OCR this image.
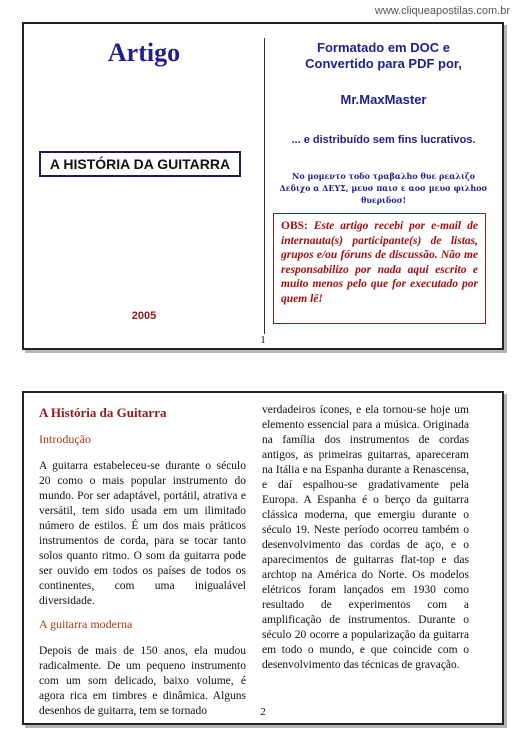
www.cliqueapostilas.com.br
Artigo
A HISTÓRIA DA GUITARRA
2005
Formatado em DOC e
Convertido para PDF por,
Mr.MaxMaster
... e distribuído sem fins lucrativos.
Νο μομεντο τοδο τραβαλhο θυε ρεαλιζο
Δεδιχο α ΔΕΥΣ, μευσ παισ ε αοσ μευσ φιλhοσ θυεριδοσ!
OBS: Este artigo recebi por e-mail de internauta(s) participante(s) de listas, grupos e/ou fóruns de discussão. Não me responsabilizo por nada aqui escrito e muito menos pelo que for executado por quem lê!
1
A História da Guitarra
Introdução

A guitarra estabeleceu-se durante o século 20 como o mais popular instrumento do mundo. Por ser adaptável, portátil, atrativa e versátil, tem sido usada em um ilimitado número de estilos. É um dos mais práticos instrumentos de corda, para se tocar tanto solos quanto ritmo. O som da guitarra pode ser ouvido em todos os países de todos os continentes, com uma inigualável diversidade.

A guitarra moderna

Depois de mais de 150 anos, ela mudou radicalmente. De um pequeno instrumento com um som delicado, baixo volume, é agora rica em timbres e dinâmica. Alguns desenhos de guitarra, tem se tornado

verdadeiros ícones, e ela tornou-se hoje um elemento essencial para a música. Originada na família dos instrumentos de cordas antigos, as primeiras guitarras, apareceram na Itália e na Espanha durante a Renascensa, e daí espalhou-se gradativamente pela Europa. A Espanha é o berço da guitarra clássica moderna, que emergiu durante o século 19. Neste período ocorreu também o desenvolvimento das cordas de aço, e o aparecimentos de guitarras flat-top e das archtop na América do Norte. Os modelos elétricos foram lançados em 1930 como resultado de experimentos com a amplificação de instrumentos. Durante o século 20 ocorre a popularização da guitarra em todo o mundo, e que coincide com o desenvolvimento das técnicas de gravação.

2
